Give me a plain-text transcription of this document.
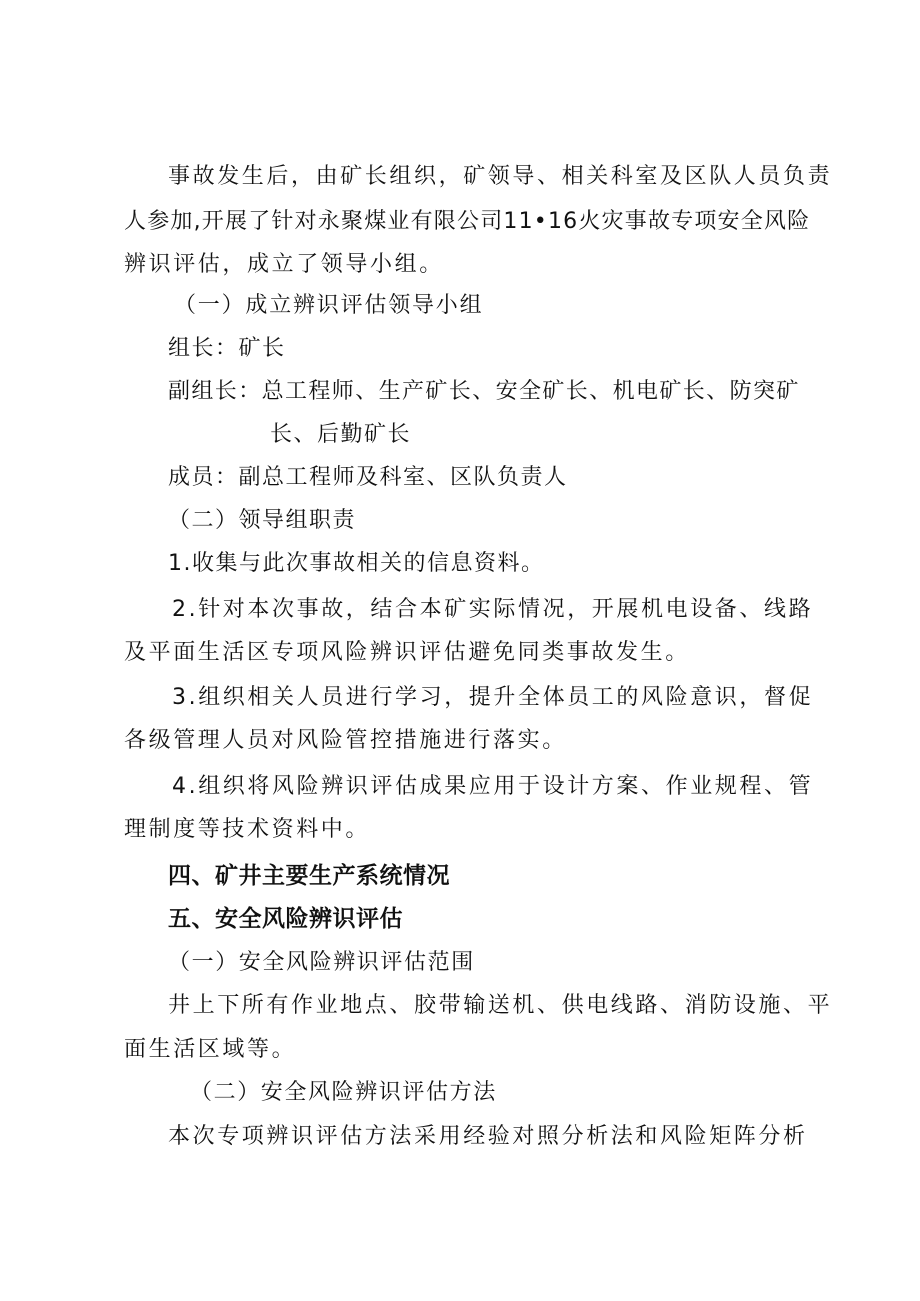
事故发生后，由矿长组织，矿领导、相关科室及区队人员负责
人参加,开展了针对永聚煤业有限公司11•16火灾事故专项安全风险
辨识评估，成立了领导小组。
（一）成立辨识评估领导小组
组长：矿长
副组长：总工程师、生产矿长、安全矿长、机电矿长、防突矿
长、后勤矿长
成员：副总工程师及科室、区队负责人
（二）领导组职责
1.收集与此次事故相关的信息资料。
2.针对本次事故，结合本矿实际情况，开展机电设备、线路
及平面生活区专项风险辨识评估避免同类事故发生。
3.组织相关人员进行学习，提升全体员工的风险意识，督促
各级管理人员对风险管控措施进行落实。
4.组织将风险辨识评估成果应用于设计方案、作业规程、管
理制度等技术资料中。
四、矿井主要生产系统情况
五、安全风险辨识评估
（一）安全风险辨识评估范围
井上下所有作业地点、胶带输送机、供电线路、消防设施、平
面生活区域等。
（二）安全风险辨识评估方法
本次专项辨识评估方法采用经验对照分析法和风险矩阵分析
